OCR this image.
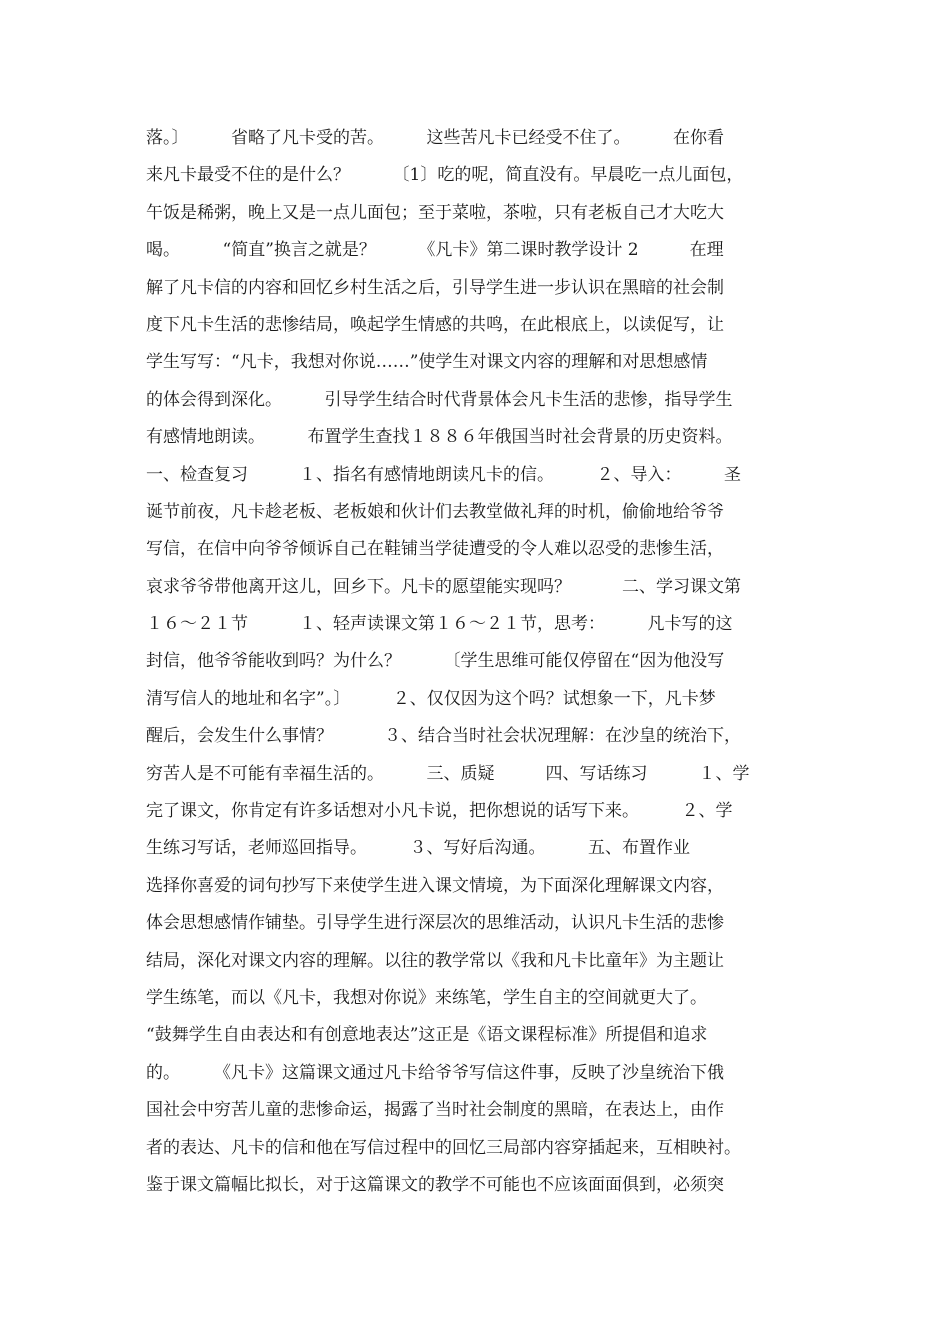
落。〕　　　省略了凡卡受的苦。　　　这些苦凡卡已经受不住了。　　　在你看
来凡卡最受不住的是什么？　　　〔1〕吃的呢，简直没有。早晨吃一点儿面包，
午饭是稀粥，晚上又是一点儿面包；至于菜啦，茶啦，只有老板自己才大吃大
喝。　　　“简直”换言之就是？　　　《凡卡》第二课时教学设计 2　　　在理
解了凡卡信的内容和回忆乡村生活之后，引导学生进一步认识在黑暗的社会制
度下凡卡生活的悲惨结局，唤起学生情感的共鸣，在此根底上，以读促写，让
学生写写：“凡卡，我想对你说……”使学生对课文内容的理解和对思想感情
的体会得到深化。　　　引导学生结合时代背景体会凡卡生活的悲惨，指导学生
有感情地朗读。　　　布置学生查找１８８６年俄国当时社会背景的历史资料。
一、检查复习　　　１、指名有感情地朗读凡卡的信。　　　２、导入：　　　圣
诞节前夜，凡卡趁老板、老板娘和伙计们去教堂做礼拜的时机，偷偷地给爷爷
写信，在信中向爷爷倾诉自己在鞋铺当学徒遭受的令人难以忍受的悲惨生活，
哀求爷爷带他离开这儿，回乡下。凡卡的愿望能实现吗？　　　二、学习课文第
１６～２１节　　　１、轻声读课文第１６～２１节，思考：　　　凡卡写的这
封信，他爷爷能收到吗？为什么？　　　〔学生思维可能仅停留在“因为他没写
清写信人的地址和名字”。〕　　　２、仅仅因为这个吗？试想象一下，凡卡梦
醒后，会发生什么事情？　　　３、结合当时社会状况理解：在沙皇的统治下，
穷苦人是不可能有幸福生活的。　　　三、质疑　　　四、写话练习　　　１、学
完了课文，你肯定有许多话想对小凡卡说，把你想说的话写下来。　　　２、学
生练习写话，老师巡回指导。　　　３、写好后沟通。　　　五、布置作业
选择你喜爱的词句抄写下来使学生进入课文情境，为下面深化理解课文内容，
体会思想感情作铺垫。引导学生进行深层次的思维活动，认识凡卡生活的悲惨
结局，深化对课文内容的理解。以往的教学常以《我和凡卡比童年》为主题让
学生练笔，而以《凡卡，我想对你说》来练笔，学生自主的空间就更大了。
“鼓舞学生自由表达和有创意地表达”这正是《语文课程标准》所提倡和追求
的。　　　《凡卡》这篇课文通过凡卡给爷爷写信这件事，反映了沙皇统治下俄
国社会中穷苦儿童的悲惨命运，揭露了当时社会制度的黑暗，在表达上，由作
者的表达、凡卡的信和他在写信过程中的回忆三局部内容穿插起来，互相映衬。
鉴于课文篇幅比拟长，对于这篇课文的教学不可能也不应该面面俱到，必须突
